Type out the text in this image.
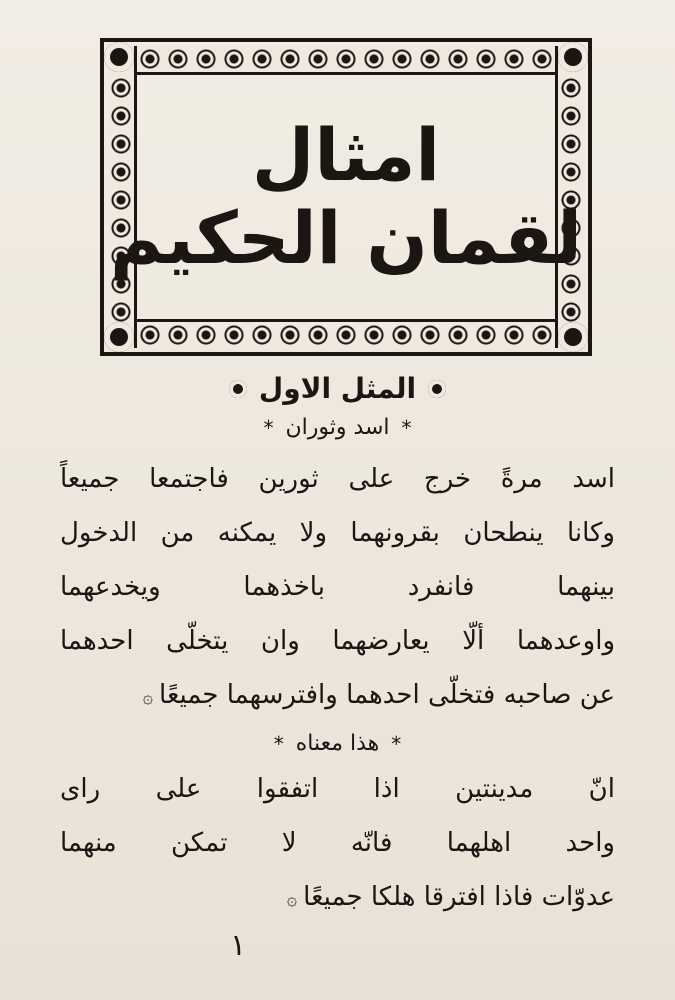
امثال
لقمان الحكيم
المثل الاول
*
اسد وثوران
*

اسد مرةً خرج على ثورين فاجتمعا جميعاً
وكانا ينطحان بقرونهما ولا يمكنه من الدخول
بينهما فانفرد باخذهما ويخدعهما
واوعدهما ألّا يعارضهما وان يتخلّى احدهما
عن صاحبه فتخلّى احدهما وافترسهما جميعًا۞

*
هذا معناه
*

انّ مدينتين اذا اتفقوا على راى
واحد اهلهما فانّه لا تمكن منهما
عدوّات فاذا افترقا هلكا جميعًا۞

١
